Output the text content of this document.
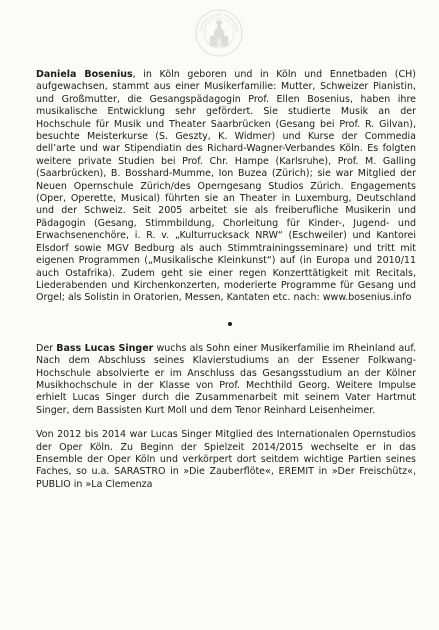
KATHOLISCHE PFARRGEM

Daniela Bosenius, in Köln geboren und in Köln und Ennetbaden (CH) aufgewachsen, stammt aus einer Musikerfamilie: Mutter, Schweizer Pianistin, und Großmutter, die Gesangspädagogin Prof. Ellen Bosenius, haben ihre musikalische Entwicklung sehr gefördert. Sie studierte Musik an der Hochschule für Musik und Theater Saarbrücken (Gesang bei Prof. R. Gilvan), besuchte Meisterkurse (S. Geszty, K. Widmer) und Kurse der Commedia dell’arte und war Stipendiatin des Richard-Wagner-Verbandes Köln. Es folgten weitere private Studien bei Prof. Chr. Hampe (Karlsruhe), Prof. M. Galling (Saarbrücken), B. Bosshard-Mumme, Ion Buzea (Zürich); sie war Mitglied der Neuen Opernschule Zürich/des Operngesang Studios Zürich. Engagements (Oper, Operette, Musical) führten sie an Theater in Luxemburg, Deutschland und der Schweiz. Seit 2005 arbeitet sie als freiberufliche Musikerin und Pädagogin (Gesang, Stimmbildung, Chorleitung für Kinder-, Jugend- und Erwachsenenchöre, i. R. v. „Kulturrucksack NRW“ (Eschweiler) und Kantorei Elsdorf sowie MGV Bedburg als auch Stimmtrainingsseminare) und tritt mit eigenen Programmen („Musikalische Kleinkunst“) auf (in Europa und 2010/11 auch Ostafrika). Zudem geht sie einer regen Konzerttätigkeit mit Recitals, Liederabenden und Kirchenkonzerten, moderierte Programme für Gesang und Orgel; als Solistin in Oratorien, Messen, Kantaten etc. nach: www.bosenius.info

Der Bass Lucas Singer wuchs als Sohn einer Musikerfamilie im Rheinland auf. Nach dem Abschluss seines Klavierstudiums an der Essener Folkwang-Hochschule absolvierte er im Anschluss das Gesangsstudium an der Kölner Musikhochschule in der Klasse von Prof. Mechthild Georg. Weitere Impulse erhielt Lucas Singer durch die Zusammenarbeit mit seinem Vater Hartmut Singer, dem Bassisten Kurt Moll und dem Tenor Reinhard Leisenheimer.

Von 2012 bis 2014 war Lucas Singer Mitglied des Internationalen Opernstudios der Oper Köln. Zu Beginn der Spielzeit 2014/2015 wechselte er in das Ensemble der Oper Köln und verkörpert dort seitdem wichtige Partien seines Faches, so u.a. SARASTRO in »Die Zauberflöte«, EREMIT in »Der Freischütz«, PUBLIO in »La Clemenza
